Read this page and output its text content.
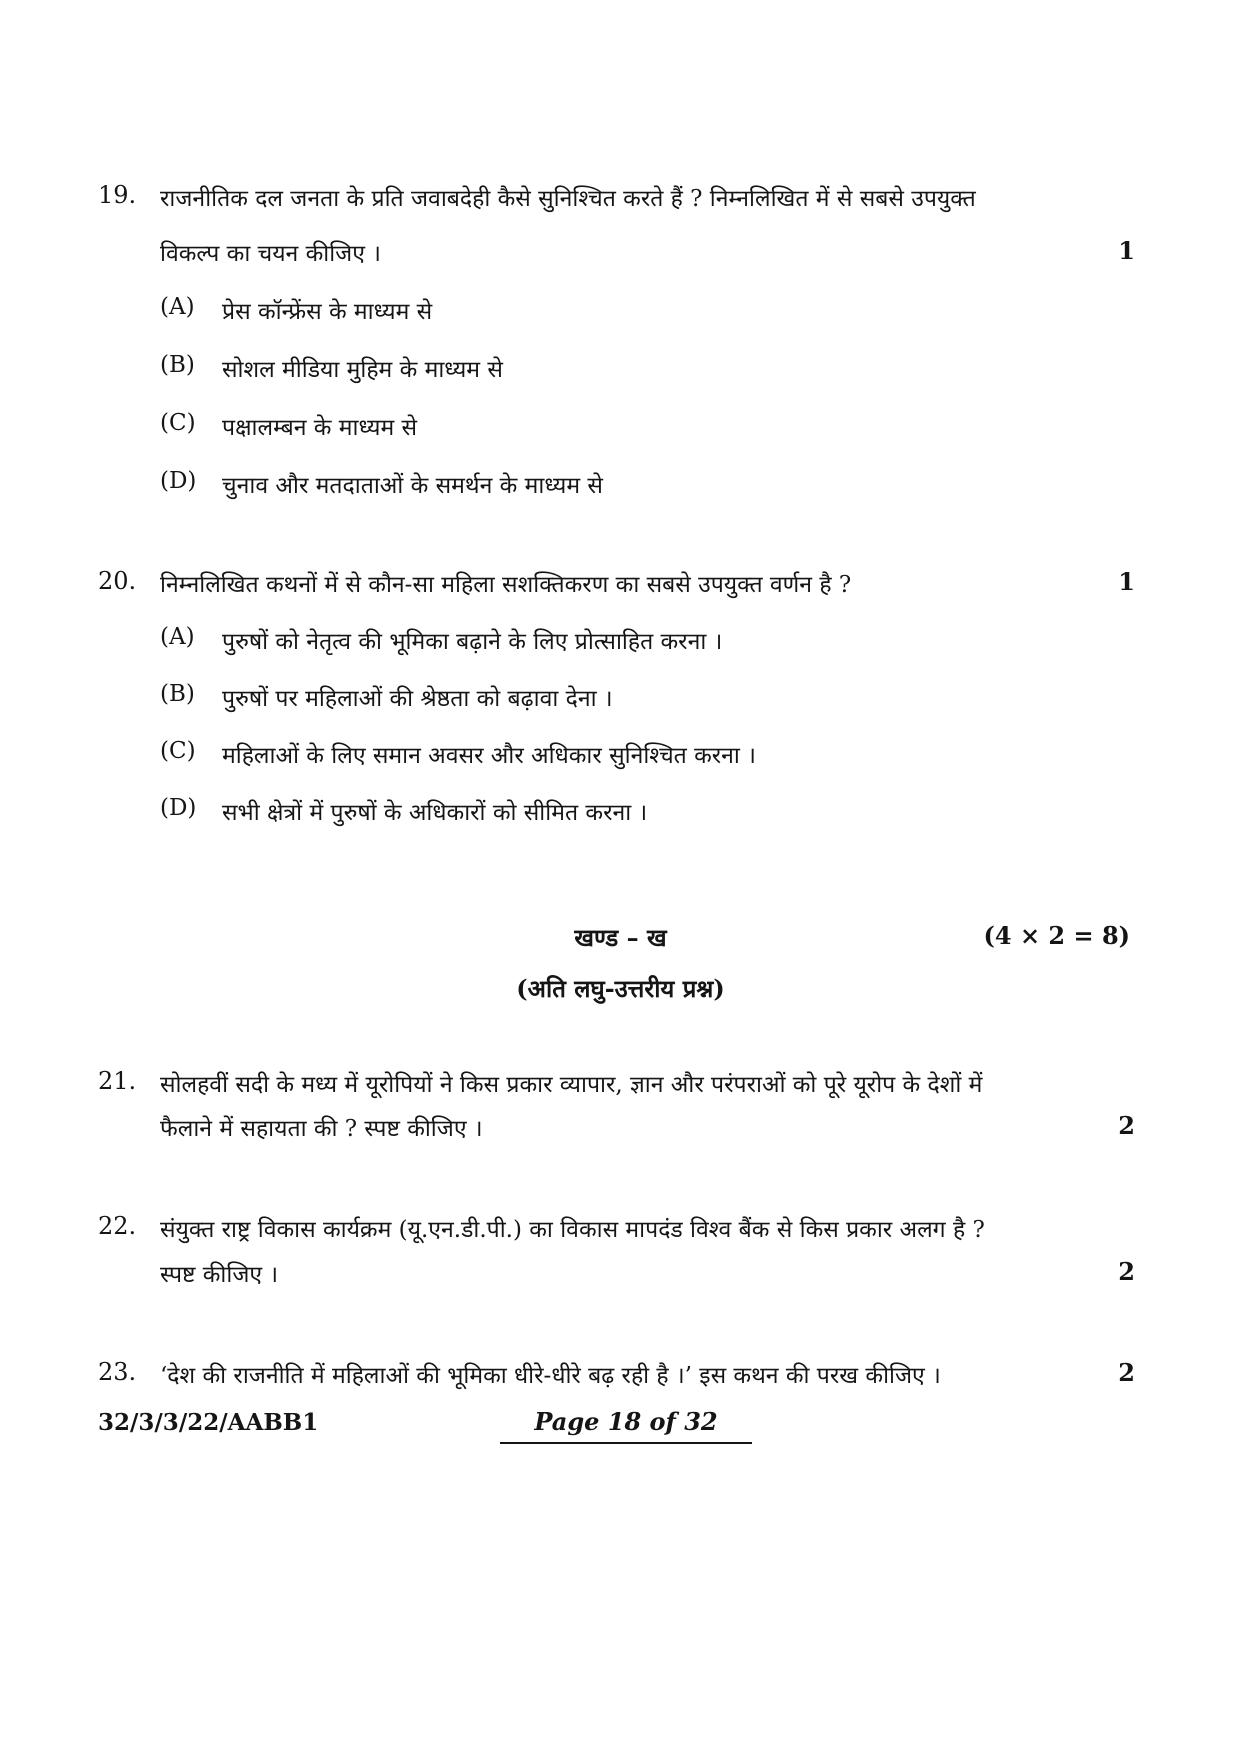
19. राजनीतिक दल जनता के प्रति जवाबदेही कैसे सुनिश्चित करते हैं ? निम्नलिखित में से सबसे उपयुक्त
विकल्प का चयन कीजिए ।	1
(A) प्रेस कॉन्फ्रेंस के माध्यम से
(B) सोशल मीडिया मुहिम के माध्यम से
(C) पक्षालम्बन के माध्यम से
(D) चुनाव और मतदाताओं के समर्थन के माध्यम से
20. निम्नलिखित कथनों में से कौन-सा महिला सशक्तिकरण का सबसे उपयुक्त वर्णन है ?	1
(A) पुरुषों को नेतृत्व की भूमिका बढ़ाने के लिए प्रोत्साहित करना ।
(B) पुरुषों पर महिलाओं की श्रेष्ठता को बढ़ावा देना ।
(C) महिलाओं के लिए समान अवसर और अधिकार सुनिश्चित करना ।
(D) सभी क्षेत्रों में पुरुषों के अधिकारों को सीमित करना ।
खण्ड – ख	(4 × 2 = 8)
(अति लघु-उत्तरीय प्रश्न)
21. सोलहवीं सदी के मध्य में यूरोपियों ने किस प्रकार व्यापार, ज्ञान और परंपराओं को पूरे यूरोप के देशों में
फैलाने में सहायता की ? स्पष्ट कीजिए ।	2
22. संयुक्त राष्ट्र विकास कार्यक्रम (यू.एन.डी.पी.) का विकास मापदंड विश्व बैंक से किस प्रकार अलग है ?
स्पष्ट कीजिए ।	2
23. ‘देश की राजनीति में महिलाओं की भूमिका धीरे-धीरे बढ़ रही है ।’ इस कथन की परख कीजिए ।	2
32/3/3/22/AABB1	Page 18 of 32
